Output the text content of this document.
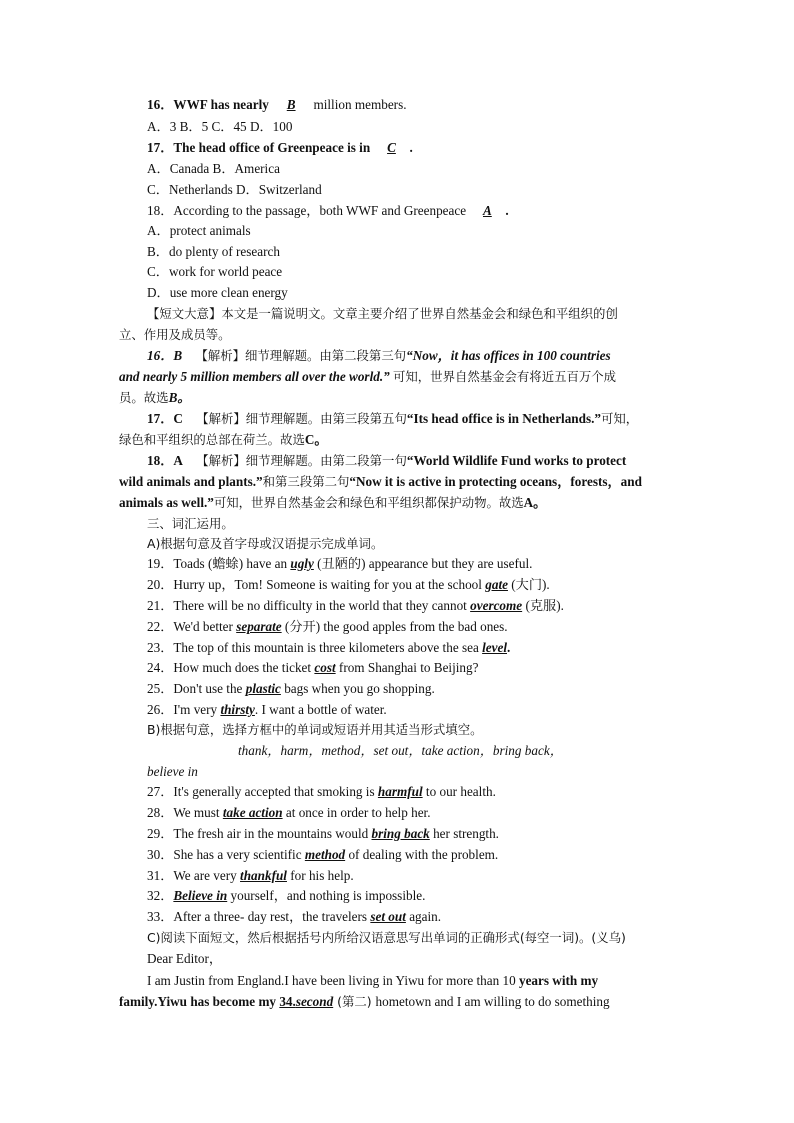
16．WWF has nearly B million members.
A．3 B．5 C．45 D．100
17．The head office of Greenpeace is in C .
A．Canada B．America
C．Netherlands D．Switzerland
18．According to the passage，both WWF and Greenpeace A .
A．protect animals
B．do plenty of research
C．work for world peace
D．use more clean energy
【短文大意】本文是一篇说明文。文章主要介绍了世界自然基金会和绿色和平组织的创
立、作用及成员等。
16．B 【解析】细节理解题。由第二段第三句“Now，it has offices in 100 countries
and nearly 5 million members all over the world.” 可知，世界自然基金会有将近五百万个成
员。故选B。
17．C 【解析】细节理解题。由第三段第五句“Its head office is in Netherlands.”可知，
绿色和平组织的总部在荷兰。故选C。
18．A 【解析】细节理解题。由第二段第一句“World Wildlife Fund works to protect
wild animals and plants.”和第三段第二句“Now it is active in protecting oceans，forests，and
animals as well.”可知，世界自然基金会和绿色和平组织都保护动物。故选A。
三、词汇运用。
A)根据句意及首字母或汉语提示完成单词。
19．Toads (蟾蜍) have an ugly (丑陋的) appearance but they are useful.
20．Hurry up，Tom! Someone is waiting for you at the school gate (大门).
21．There will be no difficulty in the world that they cannot overcome (克服).
22．We'd better separate (分开) the good apples from the bad ones.
23．The top of this mountain is three kilometers above the sea level.
24．How much does the ticket cost from Shanghai to Beijing?
25．Don't use the plastic bags when you go shopping.
26．I'm very thirsty. I want a bottle of water.
B)根据句意，选择方框中的单词或短语并用其适当形式填空。
thank，harm，method，set out，take action，bring back，
believe in
27．It's generally accepted that smoking is harmful to our health.
28．We must take action at once in order to help her.
29．The fresh air in the mountains would bring back her strength.
30．She has a very scientific method of dealing with the problem.
31．We are very thankful for his help.
32．Believe in yourself，and nothing is impossible.
33．After a three- day rest，the travelers set out again.
C)阅读下面短文，然后根据括号内所给汉语意思写出单词的正确形式(每空一词)。(义乌)
Dear Editor，
I am Justin from England.I have been living in Yiwu for more than 10 years with my
family.Yiwu has become my 34.second (第二) hometown and I am willing to do something
